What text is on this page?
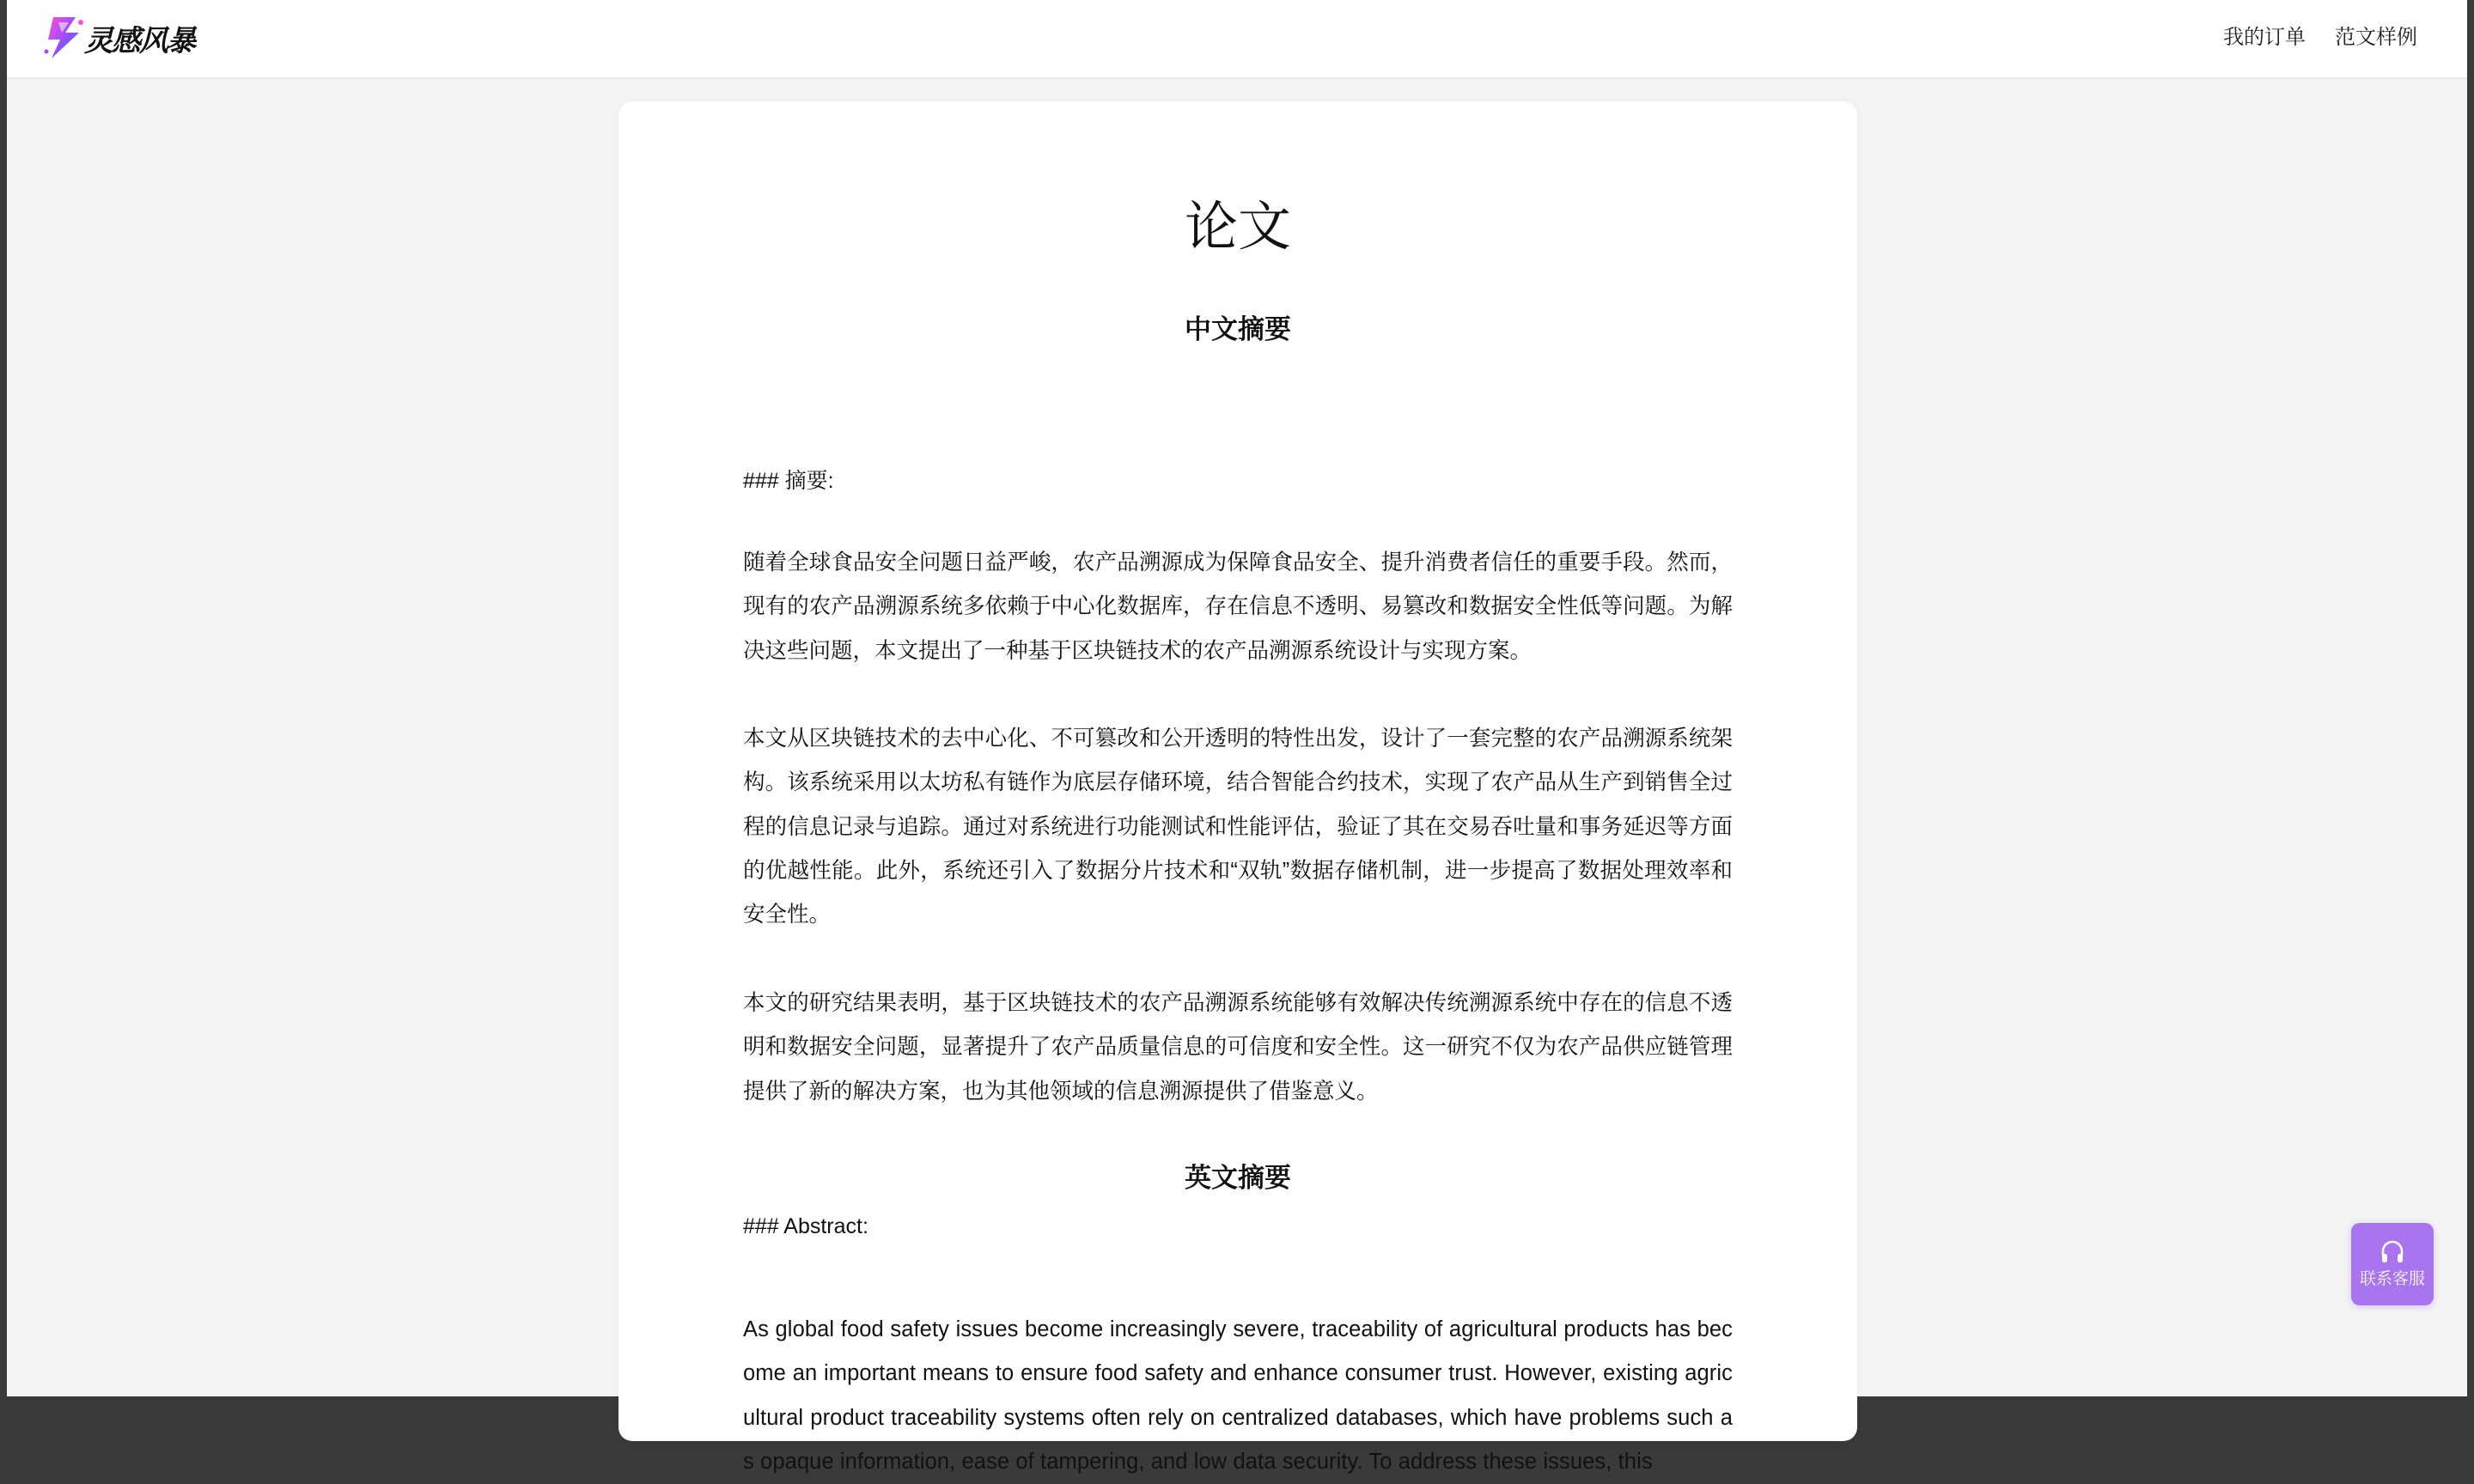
灵感风暴	我的订单 范文样例
论文
中文摘要
### 摘要:

随着全球食品安全问题日益严峻，农产品溯源成为保障食品安全、提升消费者信任的重要手段。然而，现有的农产品溯源系统多依赖于中心化数据库，存在信息不透明、易篡改和数据安全性低等问题。为解决这些问题，本文提出了一种基于区块链技术的农产品溯源系统设计与实现方案。

本文从区块链技术的去中心化、不可篡改和公开透明的特性出发，设计了一套完整的农产品溯源系统架构。该系统采用以太坊私有链作为底层存储环境，结合智能合约技术，实现了农产品从生产到销售全过程的信息记录与追踪。通过对系统进行功能测试和性能评估，验证了其在交易吞吐量和事务延迟等方面的优越性能。此外，系统还引入了数据分片技术和“双轨”数据存储机制，进一步提高了数据处理效率和安全性。

本文的研究结果表明，基于区块链技术的农产品溯源系统能够有效解决传统溯源系统中存在的信息不透明和数据安全问题，显著提升了农产品质量信息的可信度和安全性。这一研究不仅为农产品供应链管理提供了新的解决方案，也为其他领域的信息溯源提供了借鉴意义。

英文摘要
### Abstract:

As global food safety issues become increasingly severe, traceability of agricultural products has become an important means to ensure food safety and enhance consumer trust. However, existing agricultural product traceability systems often rely on centralized databases, which have problems such as opaque information, ease of tampering, and low data security. To address these issues, this

联系客服
